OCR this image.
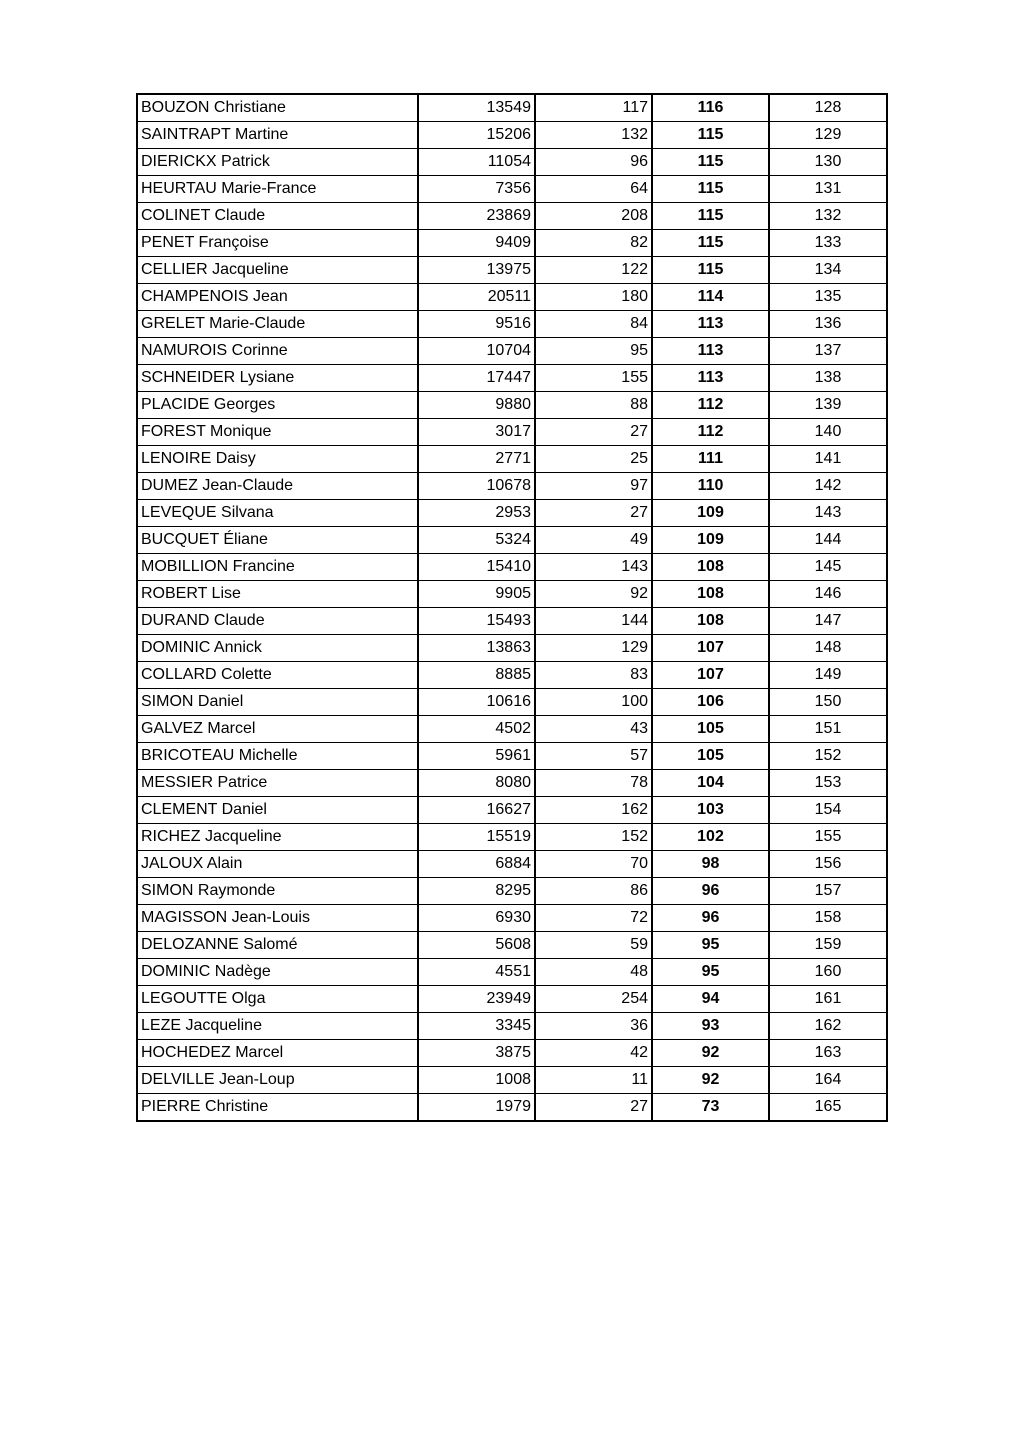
BOUZON Christiane	13549	117	116	128
SAINTRAPT Martine	15206	132	115	129
DIERICKX Patrick	11054	96	115	130
HEURTAU Marie-France	7356	64	115	131
COLINET Claude	23869	208	115	132
PENET Françoise	9409	82	115	133
CELLIER Jacqueline	13975	122	115	134
CHAMPENOIS Jean	20511	180	114	135
GRELET Marie-Claude	9516	84	113	136
NAMUROIS Corinne	10704	95	113	137
SCHNEIDER Lysiane	17447	155	113	138
PLACIDE Georges	9880	88	112	139
FOREST Monique	3017	27	112	140
LENOIRE Daisy	2771	25	111	141
DUMEZ Jean-Claude	10678	97	110	142
LEVEQUE Silvana	2953	27	109	143
BUCQUET Éliane	5324	49	109	144
MOBILLION Francine	15410	143	108	145
ROBERT Lise	9905	92	108	146
DURAND Claude	15493	144	108	147
DOMINIC Annick	13863	129	107	148
COLLARD Colette	8885	83	107	149
SIMON Daniel	10616	100	106	150
GALVEZ Marcel	4502	43	105	151
BRICOTEAU Michelle	5961	57	105	152
MESSIER Patrice	8080	78	104	153
CLEMENT Daniel	16627	162	103	154
RICHEZ Jacqueline	15519	152	102	155
JALOUX Alain	6884	70	98	156
SIMON Raymonde	8295	86	96	157
MAGISSON Jean-Louis	6930	72	96	158
DELOZANNE Salomé	5608	59	95	159
DOMINIC Nadège	4551	48	95	160
LEGOUTTE Olga	23949	254	94	161
LEZE Jacqueline	3345	36	93	162
HOCHEDEZ Marcel	3875	42	92	163
DELVILLE Jean-Loup	1008	11	92	164
PIERRE Christine	1979	27	73	165
